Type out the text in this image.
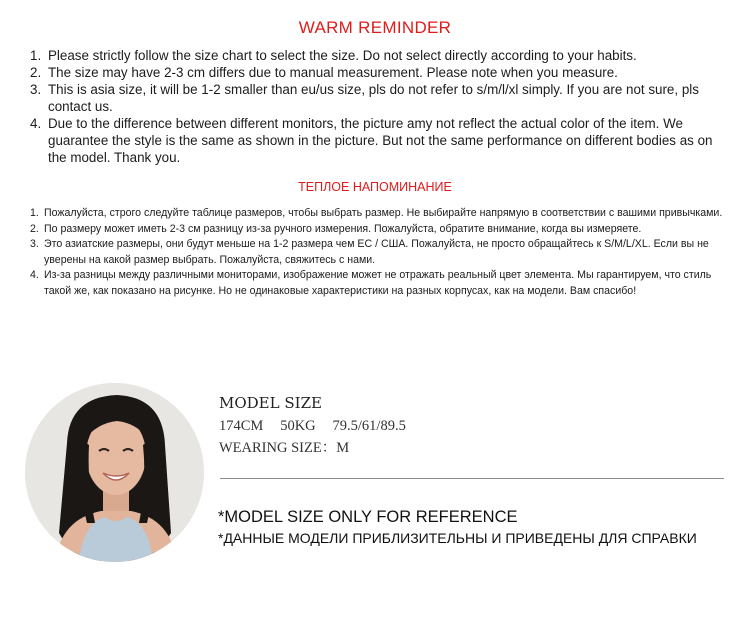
WARM REMINDER
1. Please strictly follow the size chart to select the size. Do not select directly according to your habits.
2. The size may have 2-3 cm differs due to manual measurement. Please note when you measure.
3. This is asia size, it will be 1-2 smaller than eu/us size, pls do not refer to s/m/l/xl simply. If you are not sure, pls contact us.
4. Due to the difference between different monitors, the picture amy not reflect the actual color of the item. We guarantee the style is the same as shown in the picture. But not the same performance on different bodies as on the model. Thank you.
ТЕПЛОЕ НАПОМИНАНИЕ
1. Пожалуйста, строго следуйте таблице размеров, чтобы выбрать размер. Не выбирайте напрямую в соответствии с вашими привычками.
2. По размеру может иметь 2-3 см разницу из-за ручного измерения. Пожалуйста, обратите внимание, когда вы измеряете.
3. Это азиатские размеры, они будут меньше на 1-2 размера чем ЕС / США. Пожалуйста, не просто обращайтесь к S/M/L/XL. Если вы не уверены на какой размер выбрать. Пожалуйста, свяжитесь с нами.
4. Из-за разницы между различными мониторами, изображение может не отражать реальный цвет элемента. Мы гарантируем, что стиль такой же, как показано на рисунке. Но не одинаковые характеристики на разных корпусах, как на модели. Вам спасибо!
MODEL SIZE
174CM   50KG   79.5/61/89.5
WEARING SIZE：M
*MODEL SIZE ONLY FOR REFERENCE
*ДАННЫЕ МОДЕЛИ ПРИБЛИЗИТЕЛЬНЫ И ПРИВЕДЕНЫ ДЛЯ СПРАВКИ
